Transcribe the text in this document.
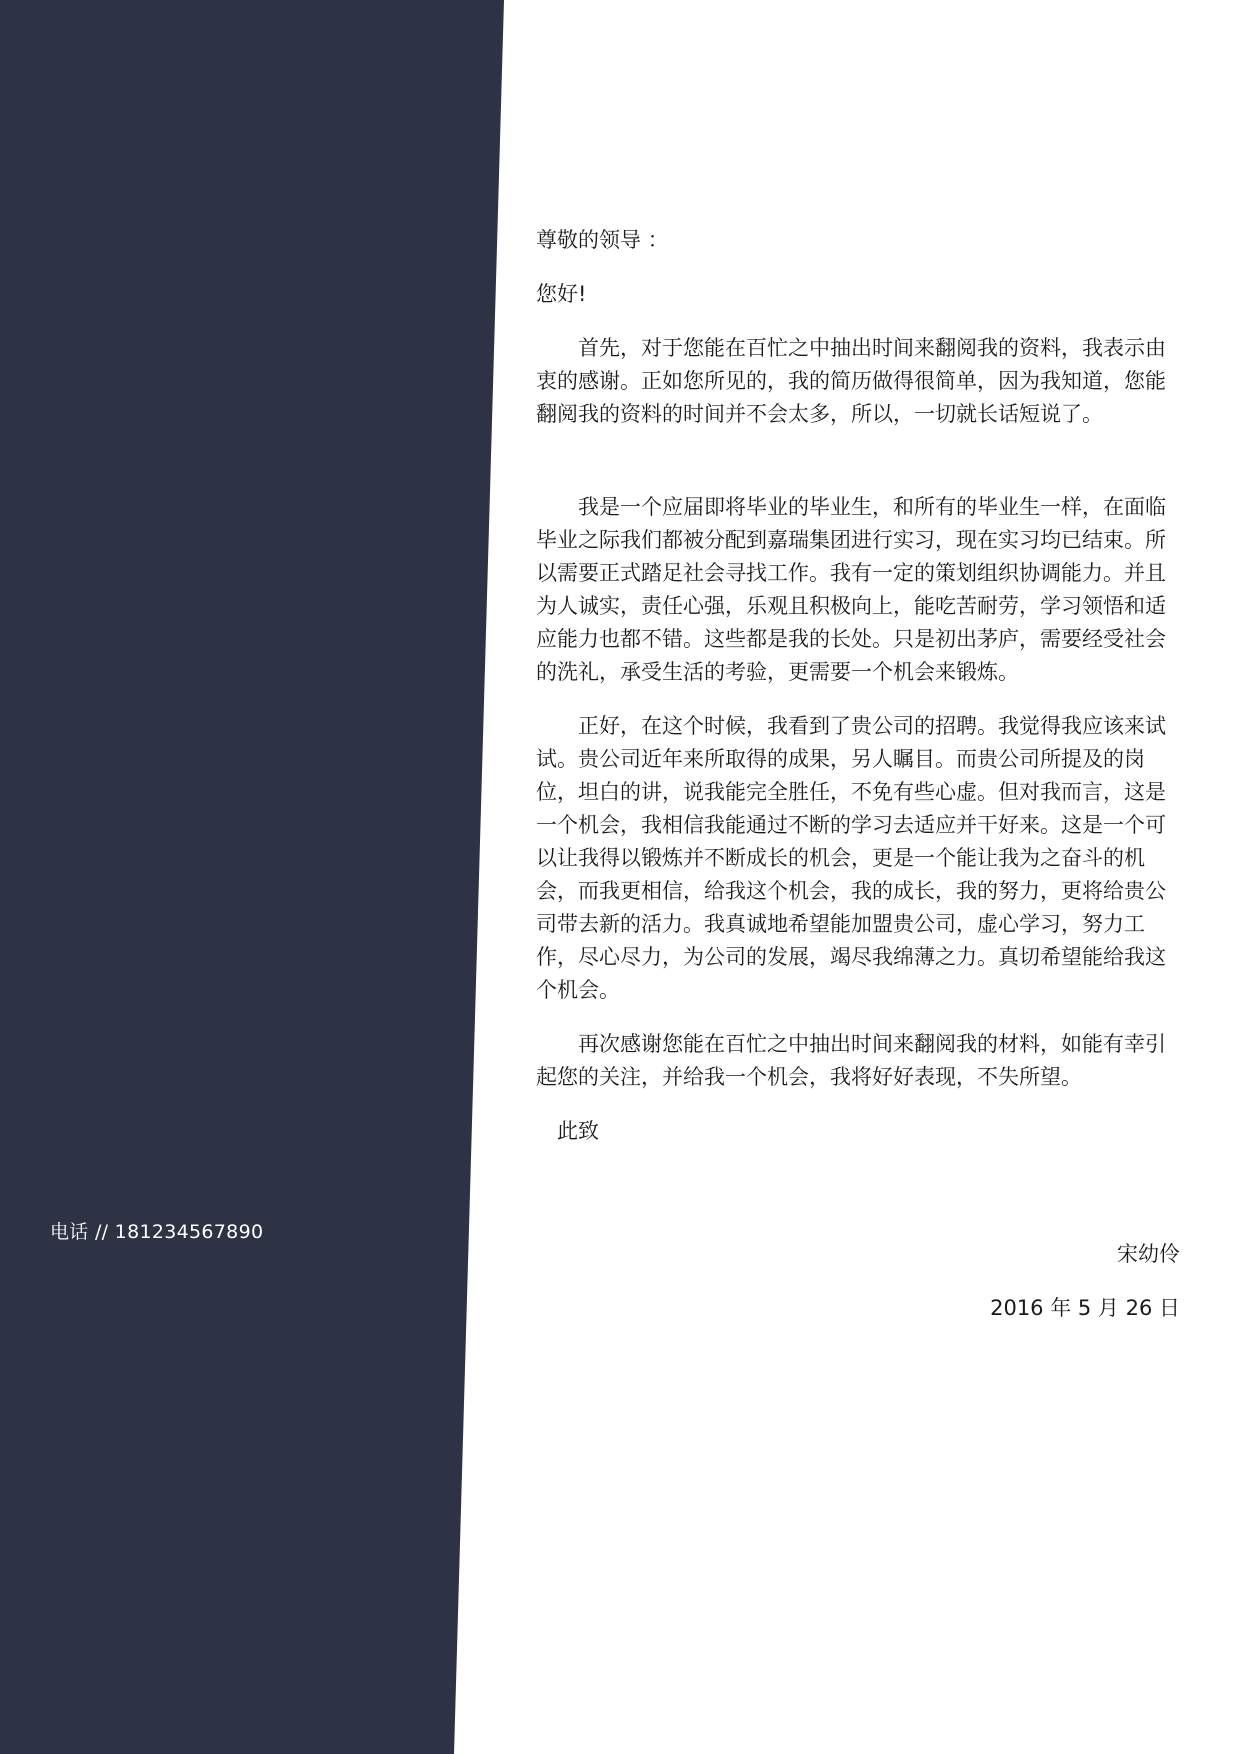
电话 // 181234567890

尊敬的领导 ：

您好!

首先，对于您能在百忙之中抽出时间来翻阅我的资料，我表示由衷的感谢。正如您所见的，我的简历做得很简单，因为我知道，您能翻阅我的资料的时间并不会太多，所以，一切就长话短说了。

我是一个应届即将毕业的毕业生，和所有的毕业生一样，在面临毕业之际我们都被分配到嘉瑞集团进行实习，现在实习均已结束。所以需要正式踏足社会寻找工作。我有一定的策划组织协调能力。并且为人诚实，责任心强，乐观且积极向上，能吃苦耐劳，学习领悟和适应能力也都不错。这些都是我的长处。只是初出茅庐，需要经受社会的洗礼，承受生活的考验，更需要一个机会来锻炼。

正好，在这个时候，我看到了贵公司的招聘。我觉得我应该来试试。贵公司近年来所取得的成果，另人瞩目。而贵公司所提及的岗位，坦白的讲，说我能完全胜任，不免有些心虚。但对我而言，这是一个机会，我相信我能通过不断的学习去适应并干好来。这是一个可以让我得以锻炼并不断成长的机会，更是一个能让我为之奋斗的机会，而我更相信，给我这个机会，我的成长，我的努力，更将给贵公司带去新的活力。我真诚地希望能加盟贵公司，虚心学习，努力工作，尽心尽力，为公司的发展，竭尽我绵薄之力。真切希望能给我这个机会。

再次感谢您能在百忙之中抽出时间来翻阅我的材料，如能有幸引起您的关注，并给我一个机会，我将好好表现，不失所望。

此致

宋幼伶

2016 年 5 月 26 日
